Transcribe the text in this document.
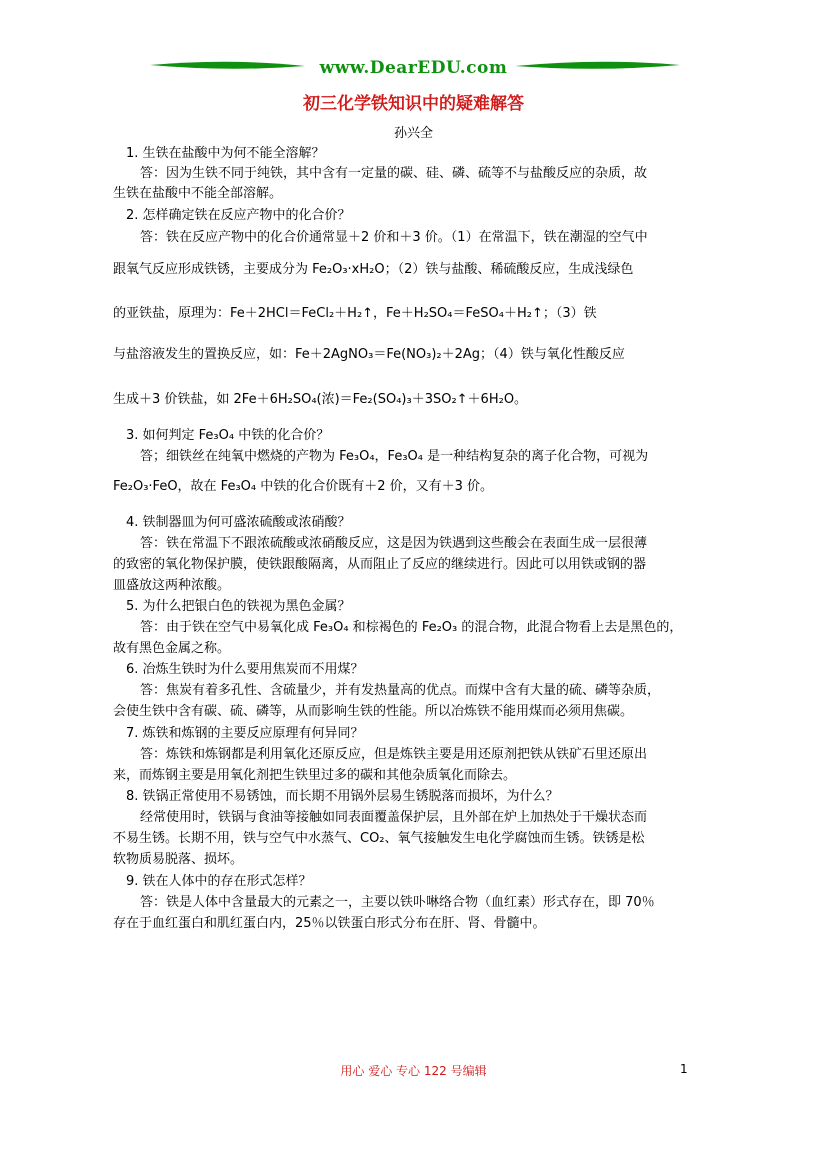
www.DearEDU.com
初三化学铁知识中的疑难解答
孙兴全
1. 生铁在盐酸中为何不能全溶解？
答：因为生铁不同于纯铁，其中含有一定量的碳、硅、磷、硫等不与盐酸反应的杂质，故
生铁在盐酸中不能全部溶解。
2. 怎样确定铁在反应产物中的化合价？
答：铁在反应产物中的化合价通常显＋2 价和＋3 价。（1）在常温下，铁在潮湿的空气中
跟氧气反应形成铁锈，主要成分为 Fe₂O₃·xH₂O；（2）铁与盐酸、稀硫酸反应，生成浅绿色
的亚铁盐，原理为：Fe＋2HCl＝FeCl₂＋H₂↑，Fe＋H₂SO₄＝FeSO₄＋H₂↑；（3）铁
与盐溶液发生的置换反应，如：Fe＋2AgNO₃＝Fe(NO₃)₂＋2Ag；（4）铁与氧化性酸反应
生成＋3 价铁盐，如 2Fe＋6H₂SO₄(浓)＝Fe₂(SO₄)₃＋3SO₂↑＋6H₂O。
3. 如何判定 Fe₃O₄ 中铁的化合价？
答；细铁丝在纯氧中燃烧的产物为 Fe₃O₄，Fe₃O₄ 是一种结构复杂的离子化合物，可视为
Fe₂O₃·FeO，故在 Fe₃O₄ 中铁的化合价既有＋2 价，又有＋3 价。
4. 铁制器皿为何可盛浓硫酸或浓硝酸？
答：铁在常温下不跟浓硫酸或浓硝酸反应，这是因为铁遇到这些酸会在表面生成一层很薄
的致密的氧化物保护膜，使铁跟酸隔离，从而阻止了反应的继续进行。因此可以用铁或钢的器
皿盛放这两种浓酸。
5. 为什么把银白色的铁视为黑色金属？
答：由于铁在空气中易氧化成 Fe₃O₄ 和棕褐色的 Fe₂O₃ 的混合物，此混合物看上去是黑色的，
故有黑色金属之称。
6. 冶炼生铁时为什么要用焦炭而不用煤？
答：焦炭有着多孔性、含硫量少，并有发热量高的优点。而煤中含有大量的硫、磷等杂质，
会使生铁中含有碳、硫、磷等，从而影响生铁的性能。所以冶炼铁不能用煤而必须用焦碳。
7. 炼铁和炼钢的主要反应原理有何异同？
答：炼铁和炼钢都是利用氧化还原反应，但是炼铁主要是用还原剂把铁从铁矿石里还原出
来，而炼钢主要是用氧化剂把生铁里过多的碳和其他杂质氧化而除去。
8. 铁锅正常使用不易锈蚀，而长期不用锅外层易生锈脱落而损坏，为什么？
经常使用时，铁锅与食油等接触如同表面覆盖保护层，且外部在炉上加热处于干燥状态而
不易生锈。长期不用，铁与空气中水蒸气、CO₂、氧气接触发生电化学腐蚀而生锈。铁锈是松
软物质易脱落、损坏。
9. 铁在人体中的存在形式怎样？
答：铁是人体中含量最大的元素之一，主要以铁卟啉络合物（血红素）形式存在，即 70％
存在于血红蛋白和肌红蛋白内，25％以铁蛋白形式分布在肝、肾、骨髓中。
用心 爱心 专心 122 号编辑	1
